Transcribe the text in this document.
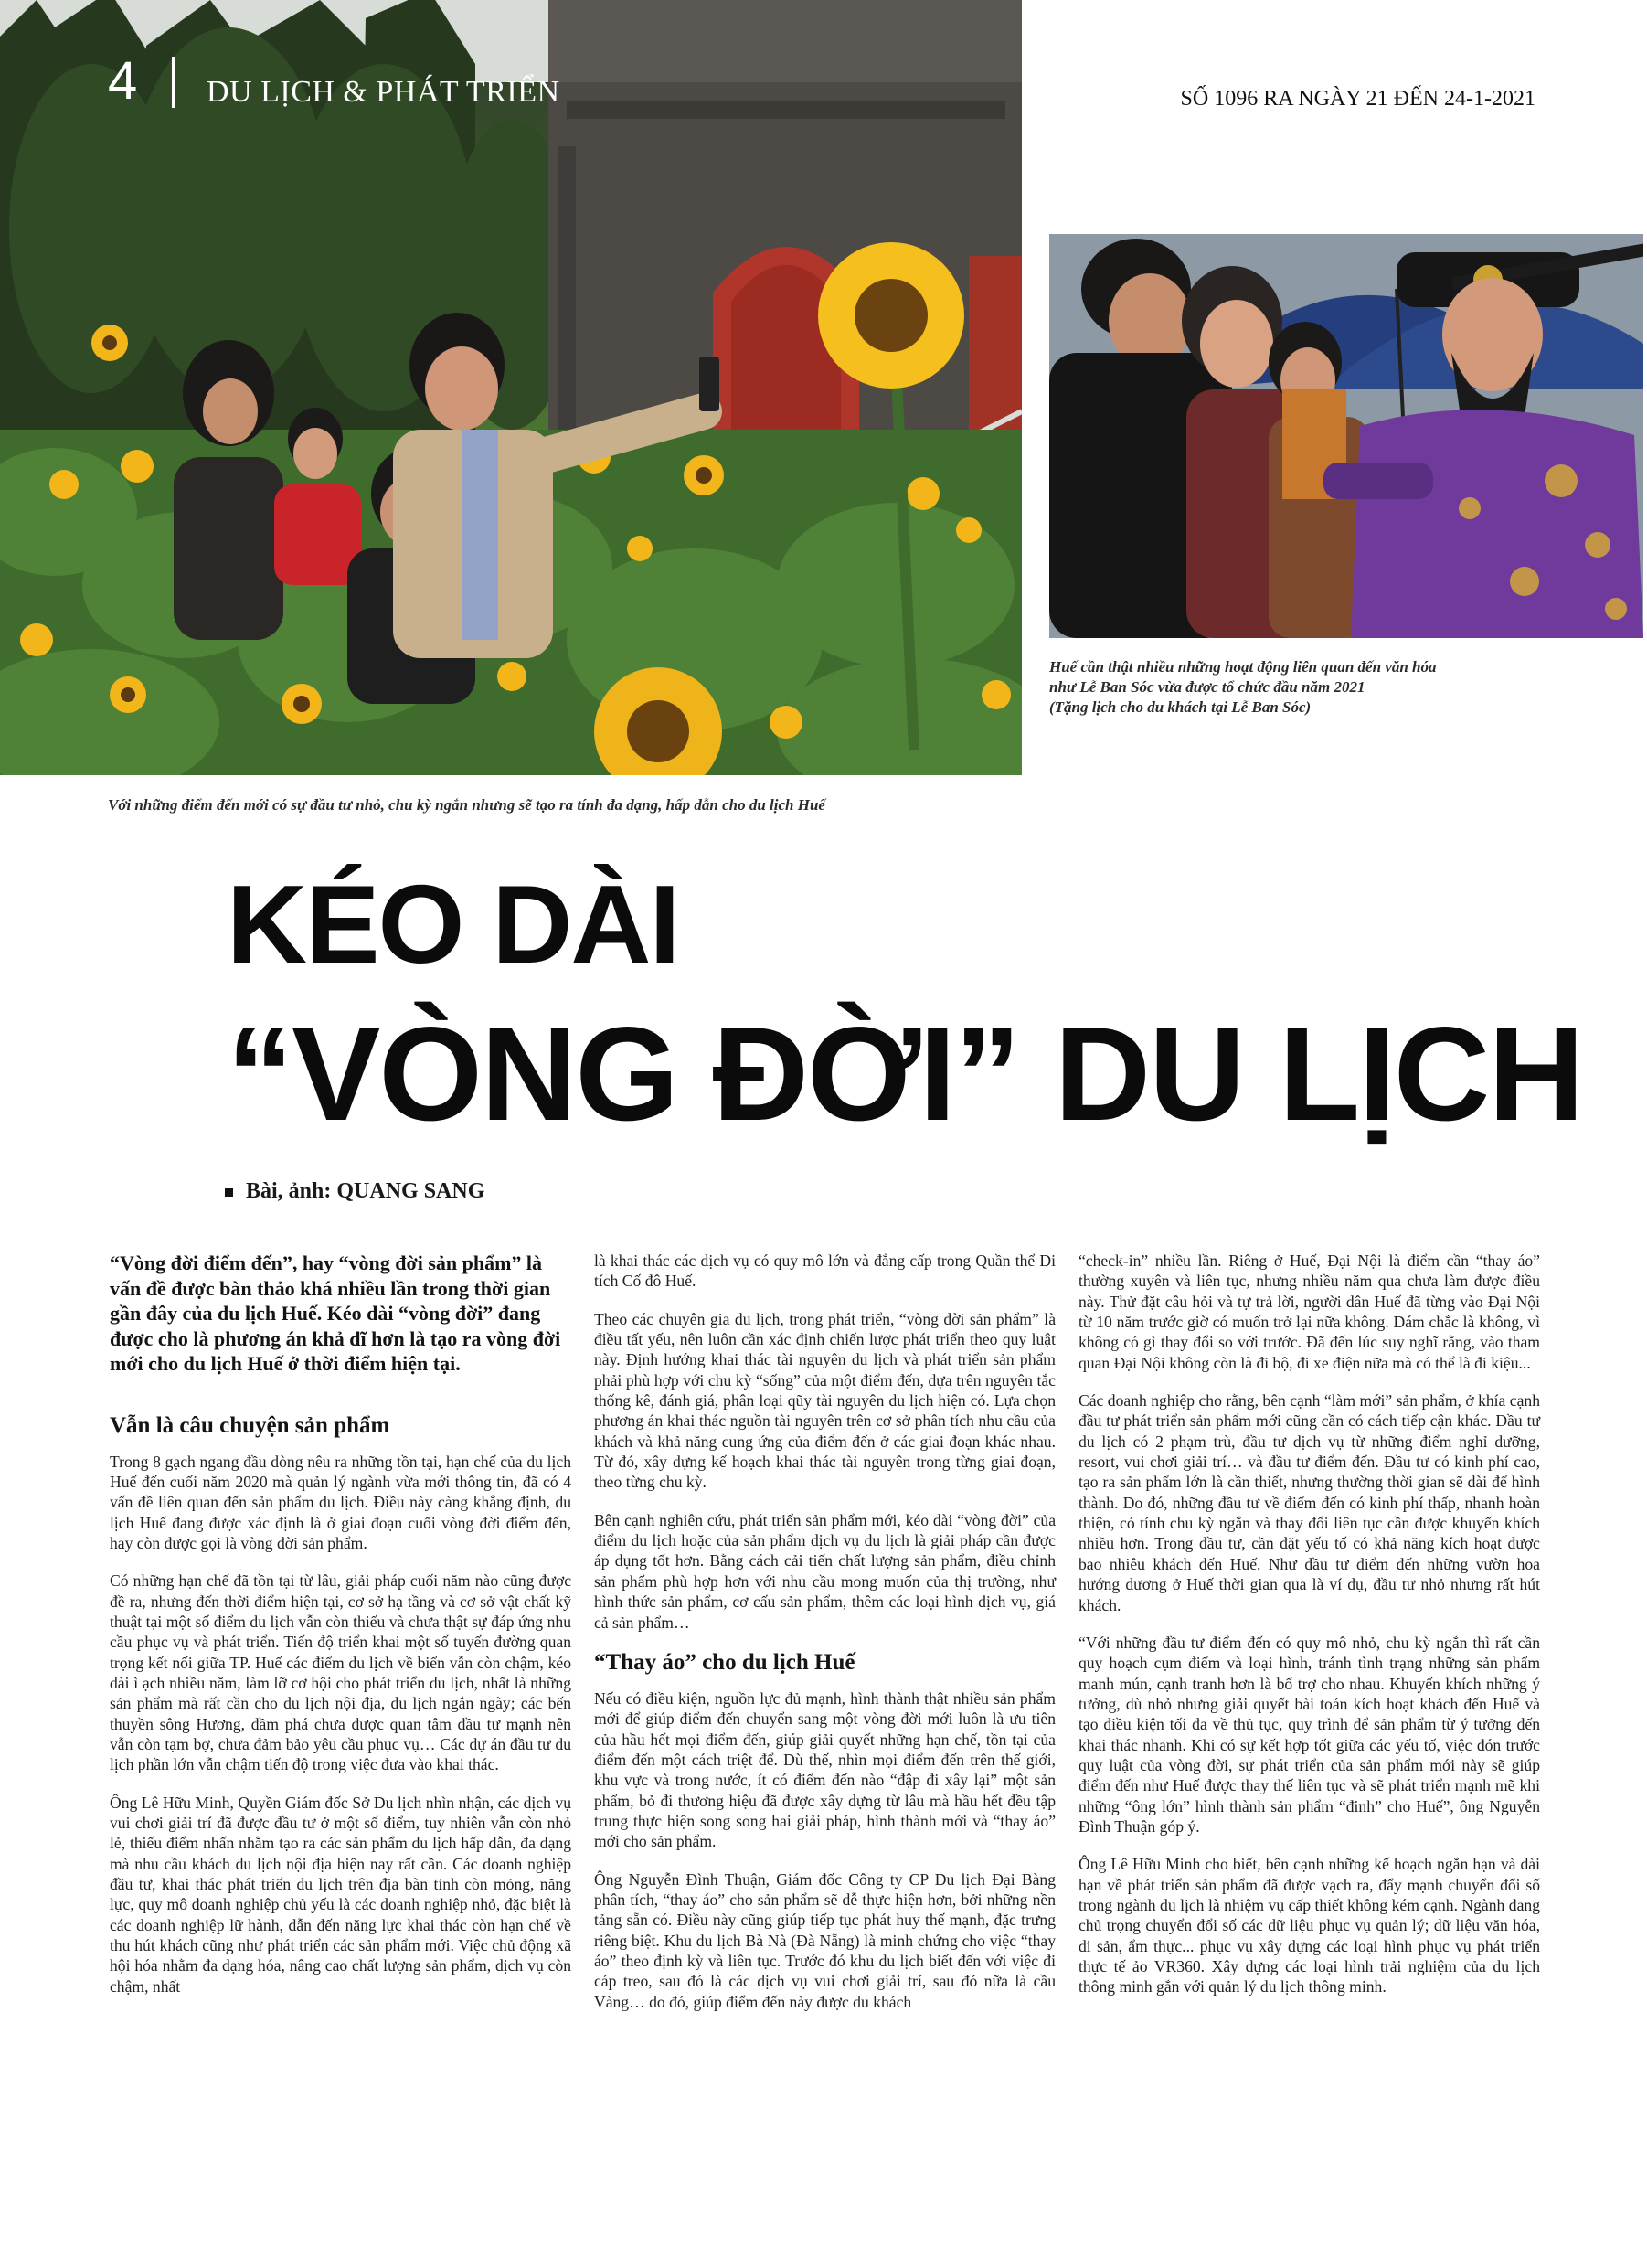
4 DU LỊCH & PHÁT TRIỂN	SỐ 1096 RA NGÀY 21 ĐẾN 24-1-2021

Huế cần thật nhiều những hoạt động liên quan đến văn hóa

như Lễ Ban Sóc vừa được tổ chức đầu năm 2021

(Tặng lịch cho du khách tại Lễ Ban Sóc)

Với những điểm đến mới có sự đầu tư nhỏ, chu kỳ ngắn nhưng sẽ tạo ra tính đa dạng, hấp dẫn cho du lịch Huế

KÉO DÀI
“VÒNG ĐỜI” DU LỊCH
Bài, ảnh: QUANG SANG

“Vòng đời điểm đến”, hay “vòng đời sản phẩm” là vấn đề được bàn thảo khá nhiều lần trong thời gian gần đây của du lịch Huế. Kéo dài “vòng đời” đang được cho là phương án khả dĩ hơn là tạo ra vòng đời mới cho du lịch Huế ở thời điểm hiện tại.

Vẫn là câu chuyện sản phẩm

Trong 8 gạch ngang đầu dòng nêu ra những tồn tại, hạn chế của du lịch Huế đến cuối năm 2020 mà quản lý ngành vừa mới thông tin, đã có 4 vấn đề liên quan đến sản phẩm du lịch. Điều này càng khẳng định, du lịch Huế đang được xác định là ở giai đoạn cuối vòng đời điểm đến, hay còn được gọi là vòng đời sản phẩm.

Có những hạn chế đã tồn tại từ lâu, giải pháp cuối năm nào cũng được đề ra, nhưng đến thời điểm hiện tại, cơ sở hạ tầng và cơ sở vật chất kỹ thuật tại một số điểm du lịch vẫn còn thiếu và chưa thật sự đáp ứng nhu cầu phục vụ và phát triển. Tiến độ triển khai một số tuyến đường quan trọng kết nối giữa TP. Huế các điểm du lịch về biển vẫn còn chậm, kéo dài ì ạch nhiều năm, làm lỡ cơ hội cho phát triển du lịch, nhất là những sản phẩm mà rất cần cho du lịch nội địa, du lịch ngắn ngày; các bến thuyền sông Hương, đầm phá chưa được quan tâm đầu tư mạnh nên vẫn còn tạm bợ, chưa đảm bảo yêu cầu phục vụ… Các dự án đầu tư du lịch phần lớn vẫn chậm tiến độ trong việc đưa vào khai thác.

Ông Lê Hữu Minh, Quyền Giám đốc Sở Du lịch nhìn nhận, các dịch vụ vui chơi giải trí đã được đầu tư ở một số điểm, tuy nhiên vẫn còn nhỏ lẻ, thiếu điểm nhấn nhằm tạo ra các sản phẩm du lịch hấp dẫn, đa dạng mà nhu cầu khách du lịch nội địa hiện nay rất cần. Các doanh nghiệp đầu tư, khai thác phát triển du lịch trên địa bàn tỉnh còn mỏng, năng lực, quy mô doanh nghiệp chủ yếu là các doanh nghiệp nhỏ, đặc biệt là các doanh nghiệp lữ hành, dẫn đến năng lực khai thác còn hạn chế về thu hút khách cũng như phát triển các sản phẩm mới. Việc chủ động xã hội hóa nhằm đa dạng hóa, nâng cao chất lượng sản phẩm, dịch vụ còn chậm, nhất

là khai thác các dịch vụ có quy mô lớn và đẳng cấp trong Quần thể Di tích Cố đô Huế.

Theo các chuyên gia du lịch, trong phát triển, “vòng đời sản phẩm” là điều tất yếu, nên luôn cần xác định chiến lược phát triển theo quy luật này. Định hướng khai thác tài nguyên du lịch và phát triển sản phẩm phải phù hợp với chu kỳ “sống” của một điểm đến, dựa trên nguyên tắc thống kê, đánh giá, phân loại qũy tài nguyên du lịch hiện có. Lựa chọn phương án khai thác nguồn tài nguyên trên cơ sở phân tích nhu cầu của khách và khả năng cung ứng của điểm đến ở các giai đoạn khác nhau. Từ đó, xây dựng kế hoạch khai thác tài nguyên trong từng giai đoạn, theo từng chu kỳ.

Bên cạnh nghiên cứu, phát triển sản phẩm mới, kéo dài “vòng đời” của điểm du lịch hoặc của sản phẩm dịch vụ du lịch là giải pháp cần được áp dụng tốt hơn. Bằng cách cải tiến chất lượng sản phẩm, điều chỉnh sản phẩm phù hợp hơn với nhu cầu mong muốn của thị trường, như hình thức sản phẩm, cơ cấu sản phẩm, thêm các loại hình dịch vụ, giá cả sản phẩm…

“Thay áo” cho du lịch Huế

Nếu có điều kiện, nguồn lực đủ mạnh, hình thành thật nhiều sản phẩm mới để giúp điểm đến chuyển sang một vòng đời mới luôn là ưu tiên của hầu hết mọi điểm đến, giúp giải quyết những hạn chế, tồn tại của điểm đến một cách triệt để. Dù thế, nhìn mọi điểm đến trên thế giới, khu vực và trong nước, ít có điểm đến nào “đập đi xây lại” một sản phẩm, bỏ đi thương hiệu đã được xây dựng từ lâu mà hầu hết đều tập trung thực hiện song song hai giải pháp, hình thành mới và “thay áo” mới cho sản phẩm.

Ông Nguyễn Đình Thuận, Giám đốc Công ty CP Du lịch Đại Bàng phân tích, “thay áo” cho sản phẩm sẽ dễ thực hiện hơn, bởi những nền tảng sẵn có. Điều này cũng giúp tiếp tục phát huy thế mạnh, đặc trưng riêng biệt. Khu du lịch Bà Nà (Đà Nẵng) là minh chứng cho việc “thay áo” theo định kỳ và liên tục. Trước đó khu du lịch biết đến với việc đi cáp treo, sau đó là các dịch vụ vui chơi giải trí, sau đó nữa là cầu Vàng… do đó, giúp điểm đến này được du khách

“check-in” nhiều lần. Riêng ở Huế, Đại Nội là điểm cần “thay áo” thường xuyên và liên tục, nhưng nhiều năm qua chưa làm được điều này. Thử đặt câu hỏi và tự trả lời, người dân Huế đã từng vào Đại Nội từ 10 năm trước giờ có muốn trở lại nữa không. Dám chắc là không, vì không có gì thay đổi so với trước. Đã đến lúc suy nghĩ rằng, vào tham quan Đại Nội không còn là đi bộ, đi xe điện nữa mà có thể là đi kiệu...

Các doanh nghiệp cho rằng, bên cạnh “làm mới” sản phẩm, ở khía cạnh đầu tư phát triển sản phẩm mới cũng cần có cách tiếp cận khác. Đầu tư du lịch có 2 phạm trù, đầu tư dịch vụ từ những điểm nghỉ dưỡng, resort, vui chơi giải trí… và đầu tư điểm đến. Đầu tư có kinh phí cao, tạo ra sản phẩm lớn là cần thiết, nhưng thường thời gian sẽ dài để hình thành. Do đó, những đầu tư về điểm đến có kinh phí thấp, nhanh hoàn thiện, có tính chu kỳ ngắn và thay đổi liên tục cần được khuyến khích nhiều hơn. Trong đầu tư, cần đặt yếu tố có khả năng kích hoạt được bao nhiêu khách đến Huế. Như đầu tư điểm đến những vườn hoa hướng dương ở Huế thời gian qua là ví dụ, đầu tư nhỏ nhưng rất hút khách.

“Với những đầu tư điểm đến có quy mô nhỏ, chu kỳ ngắn thì rất cần quy hoạch cụm điểm và loại hình, tránh tình trạng những sản phẩm manh mún, cạnh tranh hơn là bổ trợ cho nhau. Khuyến khích những ý tưởng, dù nhỏ nhưng giải quyết bài toán kích hoạt khách đến Huế và tạo điều kiện tối đa về thủ tục, quy trình để sản phẩm từ ý tưởng đến khai thác nhanh. Khi có sự kết hợp tốt giữa các yếu tố, việc đón trước quy luật của vòng đời, sự phát triển của sản phẩm mới này sẽ giúp điểm đến như Huế được thay thế liên tục và sẽ phát triển mạnh mẽ khi những “ông lớn” hình thành sản phẩm “đinh” cho Huế”, ông Nguyễn Đình Thuận góp ý.

Ông Lê Hữu Minh cho biết, bên cạnh những kế hoạch ngắn hạn và dài hạn về phát triển sản phẩm đã được vạch ra, đẩy mạnh chuyển đổi số trong ngành du lịch là nhiệm vụ cấp thiết không kém cạnh. Ngành đang chủ trọng chuyển đổi số các dữ liệu phục vụ quản lý; dữ liệu văn hóa, di sản, ẩm thực... phục vụ xây dựng các loại hình phục vụ phát triển thực tế ảo VR360. Xây dựng các loại hình trải nghiệm của du lịch thông minh gắn với quản lý du lịch thông minh.
